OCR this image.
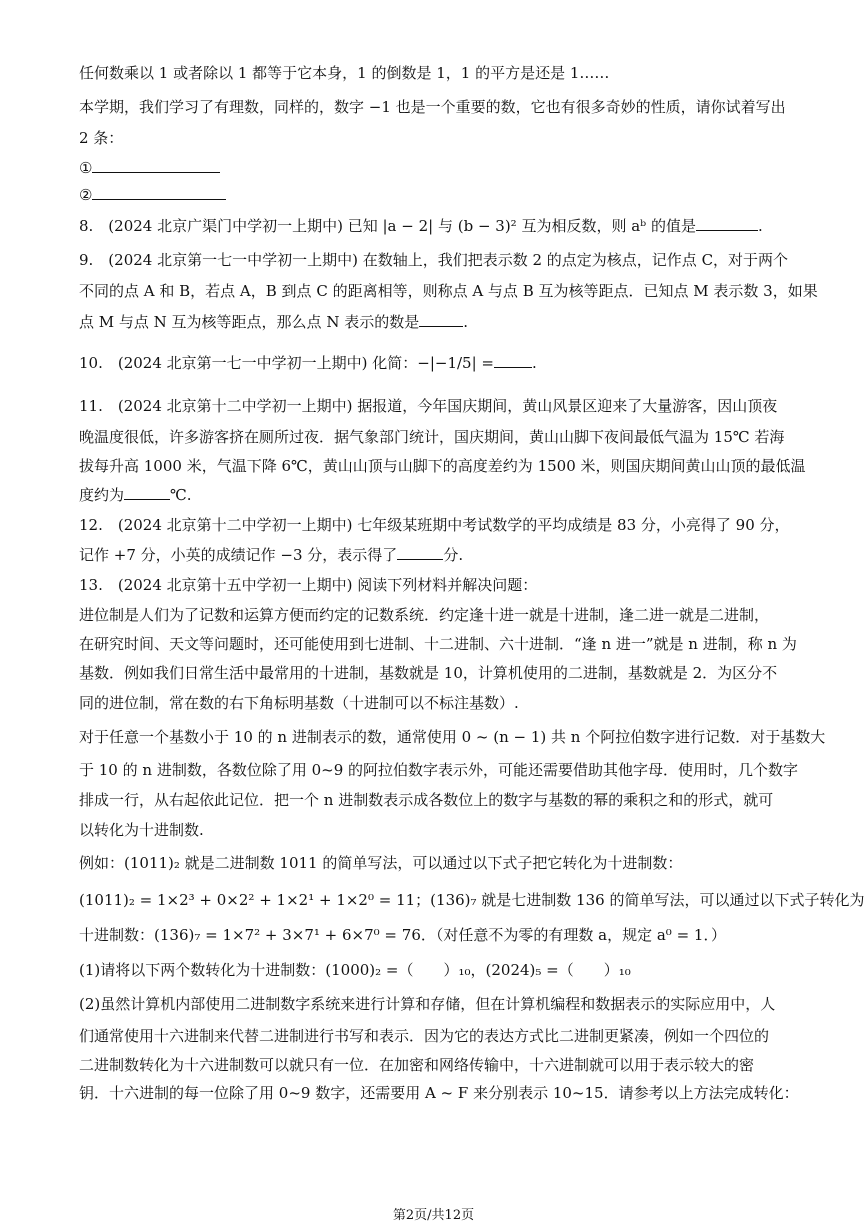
任何数乘以 1 或者除以 1 都等于它本身，1 的倒数是 1，1 的平方是还是 1……
本学期，我们学习了有理数，同样的，数字 −1 也是一个重要的数，它也有很多奇妙的性质，请你试着写出
2 条：
①
②
8.　(2024 北京广渠门中学初一上期中) 已知 |a − 2| 与 (b − 3)² 互为相反数，则 aᵇ 的值是	.
9.　(2024 北京第一七一中学初一上期中) 在数轴上，我们把表示数 2 的点定为核点，记作点 C，对于两个
不同的点 A 和 B，若点 A，B 到点 C 的距离相等，则称点 A 与点 B 互为核等距点．已知点 M 表示数 3，如果
点 M 与点 N 互为核等距点，那么点 N 表示的数是	.
10.　(2024 北京第一七一中学初一上期中) 化简：−|−1/5| =	.
11.　(2024 北京第十二中学初一上期中) 据报道，今年国庆期间，黄山风景区迎来了大量游客，因山顶夜
晚温度很低，许多游客挤在厕所过夜．据气象部门统计，国庆期间，黄山山脚下夜间最低气温为 15℃ 若海
拔每升高 1000 米，气温下降 6℃，黄山山顶与山脚下的高度差约为 1500 米，则国庆期间黄山山顶的最低温
度约为	℃.
12.　(2024 北京第十二中学初一上期中) 七年级某班期中考试数学的平均成绩是 83 分，小亮得了 90 分，
记作 +7 分，小英的成绩记作 −3 分，表示得了	分.
13.　(2024 北京第十五中学初一上期中) 阅读下列材料并解决问题：
进位制是人们为了记数和运算方便而约定的记数系统．约定逢十进一就是十进制，逢二进一就是二进制，
在研究时间、天文等问题时，还可能使用到七进制、十二进制、六十进制．“逢 n 进一”就是 n 进制，称 n 为
基数．例如我们日常生活中最常用的十进制，基数就是 10，计算机使用的二进制，基数就是 2．为区分不
同的进位制，常在数的右下角标明基数（十进制可以不标注基数）.
对于任意一个基数小于 10 的 n 进制表示的数，通常使用 0 ~ (n − 1) 共 n 个阿拉伯数字进行记数．对于基数大
于 10 的 n 进制数，各数位除了用 0~9 的阿拉伯数字表示外，可能还需要借助其他字母．使用时，几个数字
排成一行，从右起依此记位．把一个 n 进制数表示成各数位上的数字与基数的幂的乘积之和的形式，就可
以转化为十进制数.
例如：(1011)₂ 就是二进制数 1011 的简单写法，可以通过以下式子把它转化为十进制数：
(1011)₂ = 1×2³ + 0×2² + 1×2¹ + 1×2⁰ = 11；(136)₇ 就是七进制数 136 的简单写法，可以通过以下式子转化为
十进制数：(136)₇ = 1×7² + 3×7¹ + 6×7⁰ = 76．（对任意不为零的有理数 a，规定 a⁰ = 1．）
(1)请将以下两个数转化为十进制数：(1000)₂ =（　　）₁₀，(2024)₅ =（　　）₁₀
(2)虽然计算机内部使用二进制数字系统来进行计算和存储，但在计算机编程和数据表示的实际应用中，人
们通常使用十六进制来代替二进制进行书写和表示．因为它的表达方式比二进制更紧凑，例如一个四位的
二进制数转化为十六进制数可以就只有一位．在加密和网络传输中，十六进制就可以用于表示较大的密
钥．十六进制的每一位除了用 0~9 数字，还需要用 A ~ F 来分别表示 10~15．请参考以上方法完成转化：
第2页/共12页
